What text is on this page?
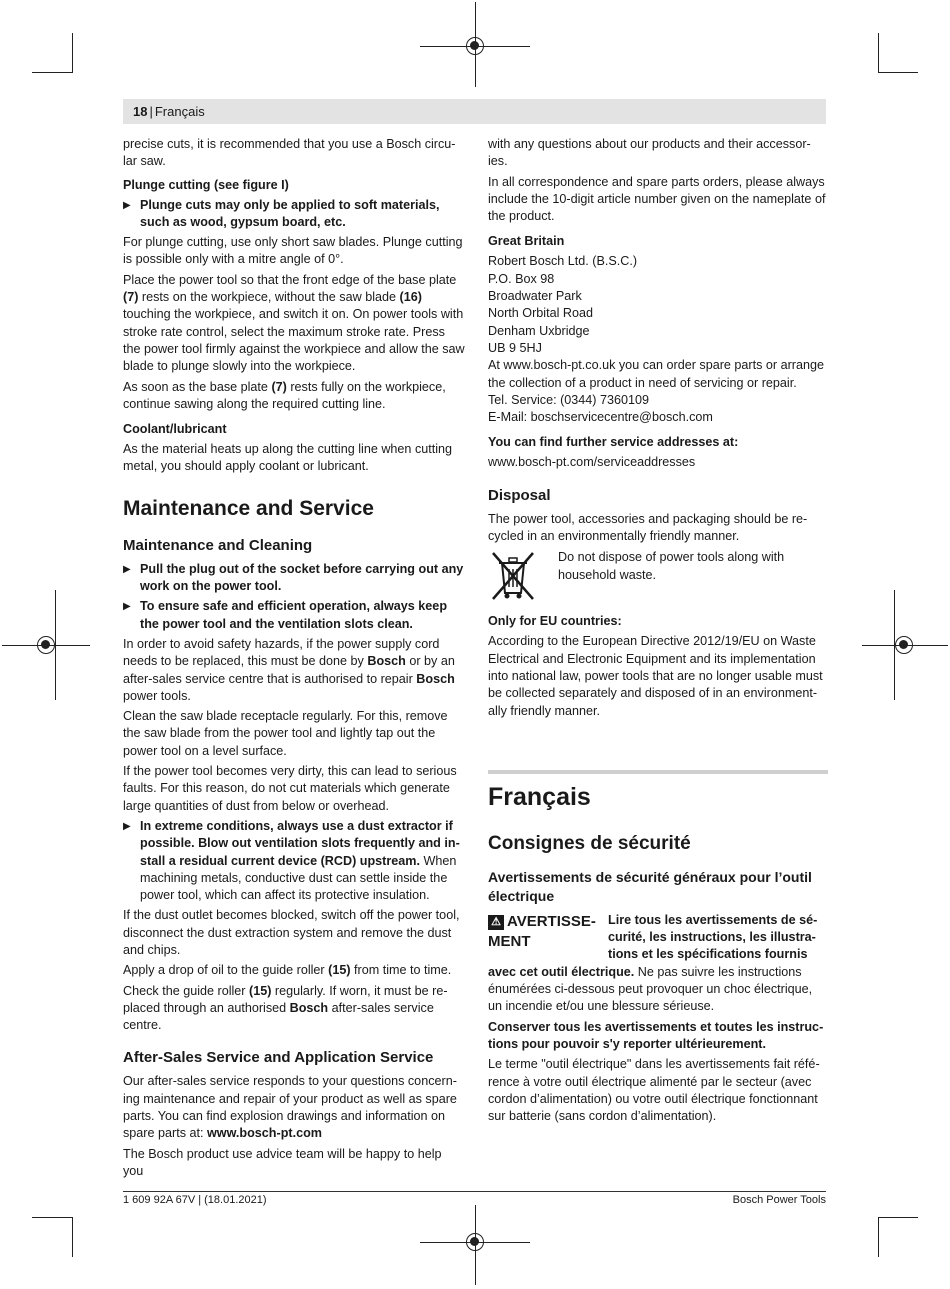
18 | Français

precise cuts, it is recommended that you use a Bosch circu-lar saw.

Plunge cutting (see figure I)
▶ Plunge cuts may only be applied to soft materials, such as wood, gypsum board, etc.

For plunge cutting, use only short saw blades. Plunge cutting is possible only with a mitre angle of 0°.

Place the power tool so that the front edge of the base plate (7) rests on the workpiece, without the saw blade (16) touching the workpiece, and switch it on. On power tools with stroke rate control, select the maximum stroke rate. Press the power tool firmly against the workpiece and allow the saw blade to plunge slowly into the workpiece.

As soon as the base plate (7) rests fully on the workpiece, continue sawing along the required cutting line.

Coolant/lubricant

As the material heats up along the cutting line when cutting metal, you should apply coolant or lubricant.

Maintenance and Service
Maintenance and Cleaning
▶ Pull the plug out of the socket before carrying out any work on the power tool.
▶ To ensure safe and efficient operation, always keep the power tool and the ventilation slots clean.

In order to avoid safety hazards, if the power supply cord needs to be replaced, this must be done by Bosch or by an after-sales service centre that is authorised to repair Bosch power tools.

Clean the saw blade receptacle regularly. For this, remove the saw blade from the power tool and lightly tap out the power tool on a level surface.

If the power tool becomes very dirty, this can lead to serious faults. For this reason, do not cut materials which generate large quantities of dust from below or overhead.

▶ In extreme conditions, always use a dust extractor if possible. Blow out ventilation slots frequently and in-stall a residual current device (RCD) upstream. When machining metals, conductive dust can settle inside the power tool, which can affect its protective insulation.

If the dust outlet becomes blocked, switch off the power tool, disconnect the dust extraction system and remove the dust and chips.

Apply a drop of oil to the guide roller (15) from time to time.

Check the guide roller (15) regularly. If worn, it must be re-placed through an authorised Bosch after-sales service centre.

After-Sales Service and Application Service

Our after-sales service responds to your questions concern-ing maintenance and repair of your product as well as spare parts. You can find explosion drawings and information on spare parts at: www.bosch-pt.com

The Bosch product use advice team will be happy to help you

with any questions about our products and their accessor-ies.

In all correspondence and spare parts orders, please always include the 10-digit article number given on the nameplate of the product.

Great Britain
Robert Bosch Ltd. (B.S.C.)
P.O. Box 98
Broadwater Park
North Orbital Road
Denham Uxbridge
UB 9 5HJ

At www.bosch-pt.co.uk you can order spare parts or arrange the collection of a product in need of servicing or repair.

Tel. Service: (0344) 7360109
E-Mail: boschservicecentre@bosch.com
You can find further service addresses at:

www.bosch-pt.com/serviceaddresses

Disposal

The power tool, accessories and packaging should be re-cycled in an environmentally friendly manner.

Do not dispose of power tools along with household waste.
Only for EU countries:

According to the European Directive 2012/19/EU on Waste Electrical and Electronic Equipment and its implementation into national law, power tools that are no longer usable must be collected separately and disposed of in an environment-ally friendly manner.

Français
Consignes de sécurité
Avertissements de sécurité généraux pour l’outil électrique
⚠ AVERTISSE-MENT

Lire tous les avertissements de sé-curité, les instructions, les illustra-tions et les spécifications fournis avec cet outil électrique. Ne pas suivre les instructions énumérées ci-dessous peut provoquer un choc électrique, un incendie et/ou une blessure sérieuse.

Conserver tous les avertissements et toutes les instruc-tions pour pouvoir s'y reporter ultérieurement.

Le terme "outil électrique" dans les avertissements fait réfé-rence à votre outil électrique alimenté par le secteur (avec cordon d’alimentation) ou votre outil électrique fonctionnant sur batterie (sans cordon d’alimentation).

1 609 92A 67V | (18.01.2021)	Bosch Power Tools
